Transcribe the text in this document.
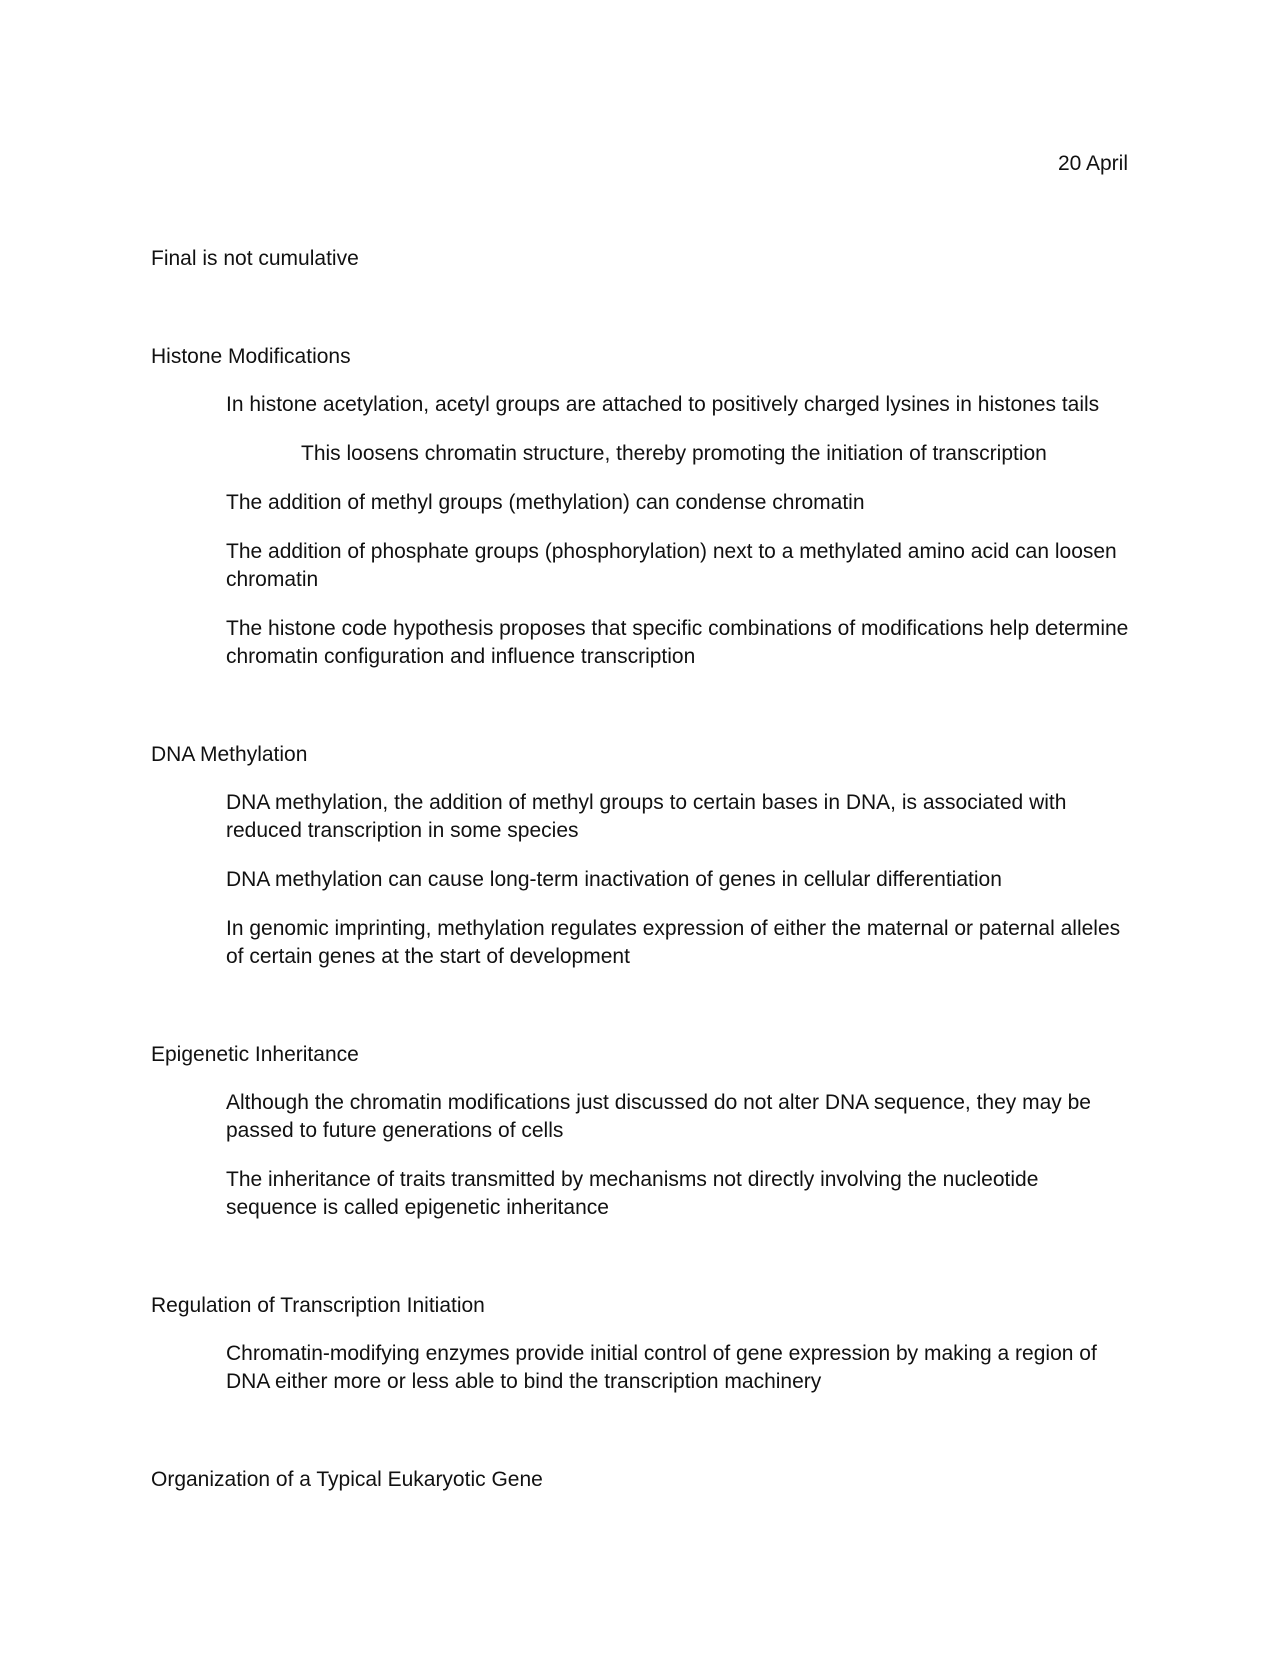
20 April

Final is not cumulative

Histone Modifications

In histone acetylation, acetyl groups are attached to positively charged lysines in histones tails

This loosens chromatin structure, thereby promoting the initiation of transcription

The addition of methyl groups (methylation) can condense chromatin

The addition of phosphate groups (phosphorylation) next to a methylated amino acid can loosen chromatin

The histone code hypothesis proposes that specific combinations of modifications help determine chromatin configuration and influence transcription

DNA Methylation

DNA methylation, the addition of methyl groups to certain bases in DNA, is associated with reduced transcription in some species

DNA methylation can cause long-term inactivation of genes in cellular differentiation

In genomic imprinting, methylation regulates expression of either the maternal or paternal alleles of certain genes at the start of development

Epigenetic Inheritance

Although the chromatin modifications just discussed do not alter DNA sequence, they may be passed to future generations of cells

The inheritance of traits transmitted by mechanisms not directly involving the nucleotide sequence is called epigenetic inheritance

Regulation of Transcription Initiation

Chromatin-modifying enzymes provide initial control of gene expression by making a region of DNA either more or less able to bind the transcription machinery

Organization of a Typical Eukaryotic Gene
